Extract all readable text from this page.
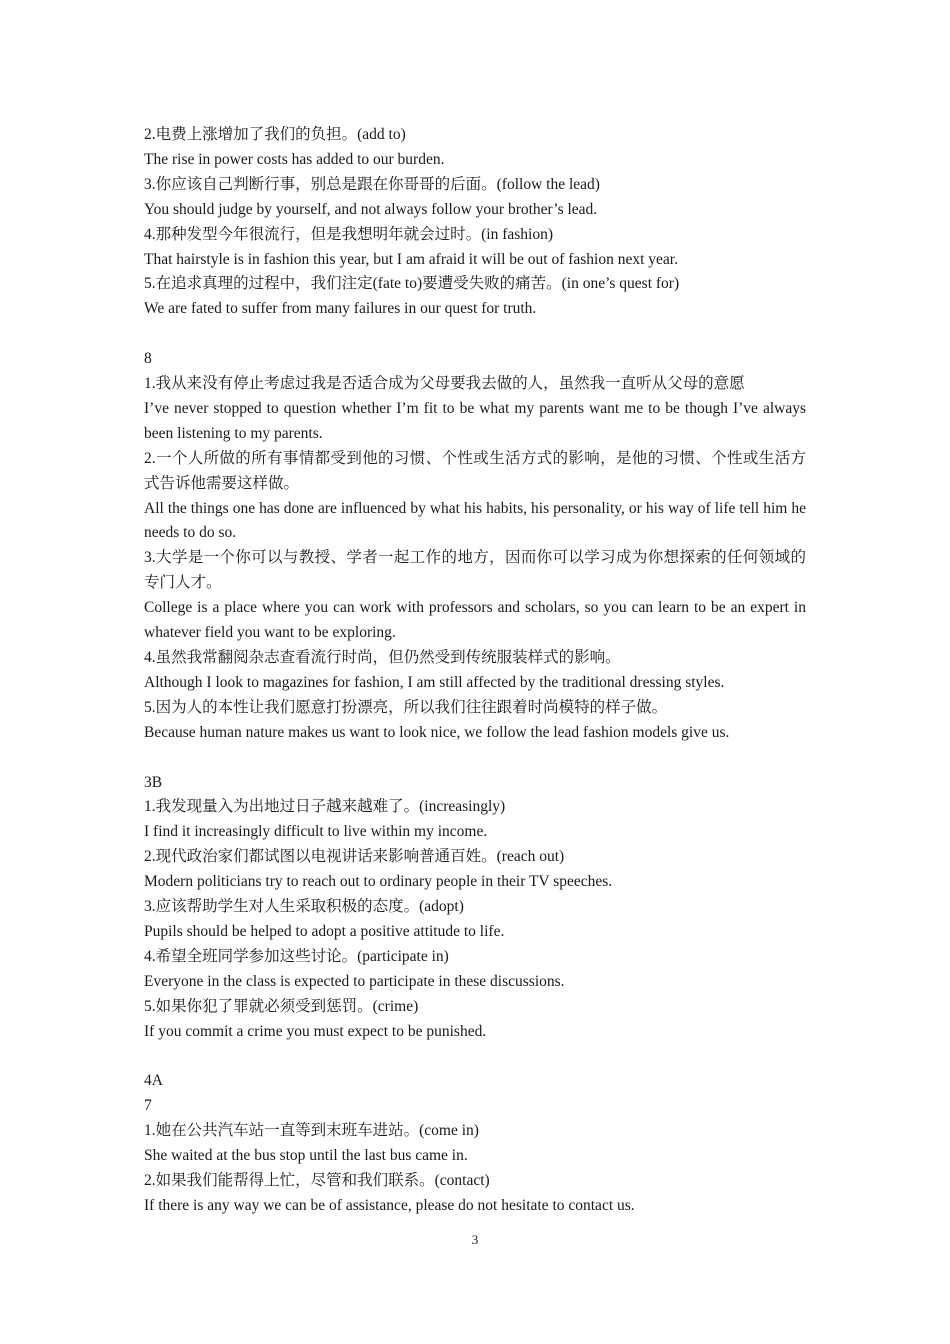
2.电费上涨增加了我们的负担。(add to)

The rise in power costs has added to our burden.

3.你应该自己判断行事，别总是跟在你哥哥的后面。(follow the lead)

You should judge by yourself, and not always follow your brother’s lead.

4.那种发型今年很流行，但是我想明年就会过时。(in fashion)

That hairstyle is in fashion this year, but I am afraid it will be out of fashion next year.

5.在追求真理的过程中，我们注定(fate to)要遭受失败的痛苦。(in one’s quest for)

We are fated to suffer from many failures in our quest for truth.

8

1.我从来没有停止考虑过我是否适合成为父母要我去做的人，虽然我一直听从父母的意愿

I’ve never stopped to question whether I’m fit to be what my parents want me to be though I’ve always been listening to my parents.

2.一个人所做的所有事情都受到他的习惯、个性或生活方式的影响，是他的习惯、个性或生活方式告诉他需要这样做。

All the things one has done are influenced by what his habits, his personality, or his way of life tell him he needs to do so.

3.大学是一个你可以与教授、学者一起工作的地方，因而你可以学习成为你想探索的任何领域的专门人才。

College is a place where you can work with professors and scholars, so you can learn to be an expert in whatever field you want to be exploring.

4.虽然我常翻阅杂志查看流行时尚，但仍然受到传统服装样式的影响。

Although I look to magazines for fashion, I am still affected by the traditional dressing styles.

5.因为人的本性让我们愿意打扮漂亮，所以我们往往跟着时尚模特的样子做。

Because human nature makes us want to look nice, we follow the lead fashion models give us.

3B

1.我发现量入为出地过日子越来越难了。(increasingly)

I find it increasingly difficult to live within my income.

2.现代政治家们都试图以电视讲话来影响普通百姓。(reach out)

Modern politicians try to reach out to ordinary people in their TV speeches.

3.应该帮助学生对人生采取积极的态度。(adopt)

Pupils should be helped to adopt a positive attitude to life.

4.希望全班同学参加这些讨论。(participate in)

Everyone in the class is expected to participate in these discussions.

5.如果你犯了罪就必须受到惩罚。(crime)

If you commit a crime you must expect to be punished.

4A

7

1.她在公共汽车站一直等到末班车进站。(come in)

She waited at the bus stop until the last bus came in.

2.如果我们能帮得上忙，尽管和我们联系。(contact)

If there is any way we can be of assistance, please do not hesitate to contact us.

3
